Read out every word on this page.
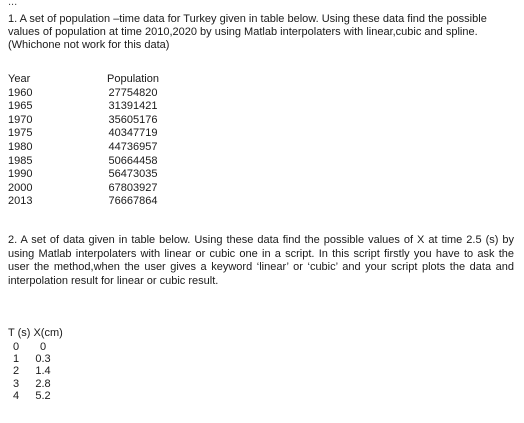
...
1. A set of population –time data for Turkey given in table below. Using these data find the possible values of population at time 2010,2020 by using Matlab interpolaters with linear,cubic and spline.(Whichone not work for this data)
Year	Population
1960	27754820
1965	31391421
1970	35605176
1975	40347719
1980	44736957
1985	50664458
1990	56473035
2000	67803927
2013	76667864
2. A set of data given in table below. Using these data find the possible values of X at time 2.5 (s) by using Matlab interpolaters with linear or cubic one in a script. In this script firstly you have to ask the user the method,when the user gives a keyword ‘linear’ or ‘cubic’ and your script plots the data and interpolation result for linear or cubic result.
T (s) X(cm)
0	0
1	0.3
2	1.4
3	2.8
4	5.2
